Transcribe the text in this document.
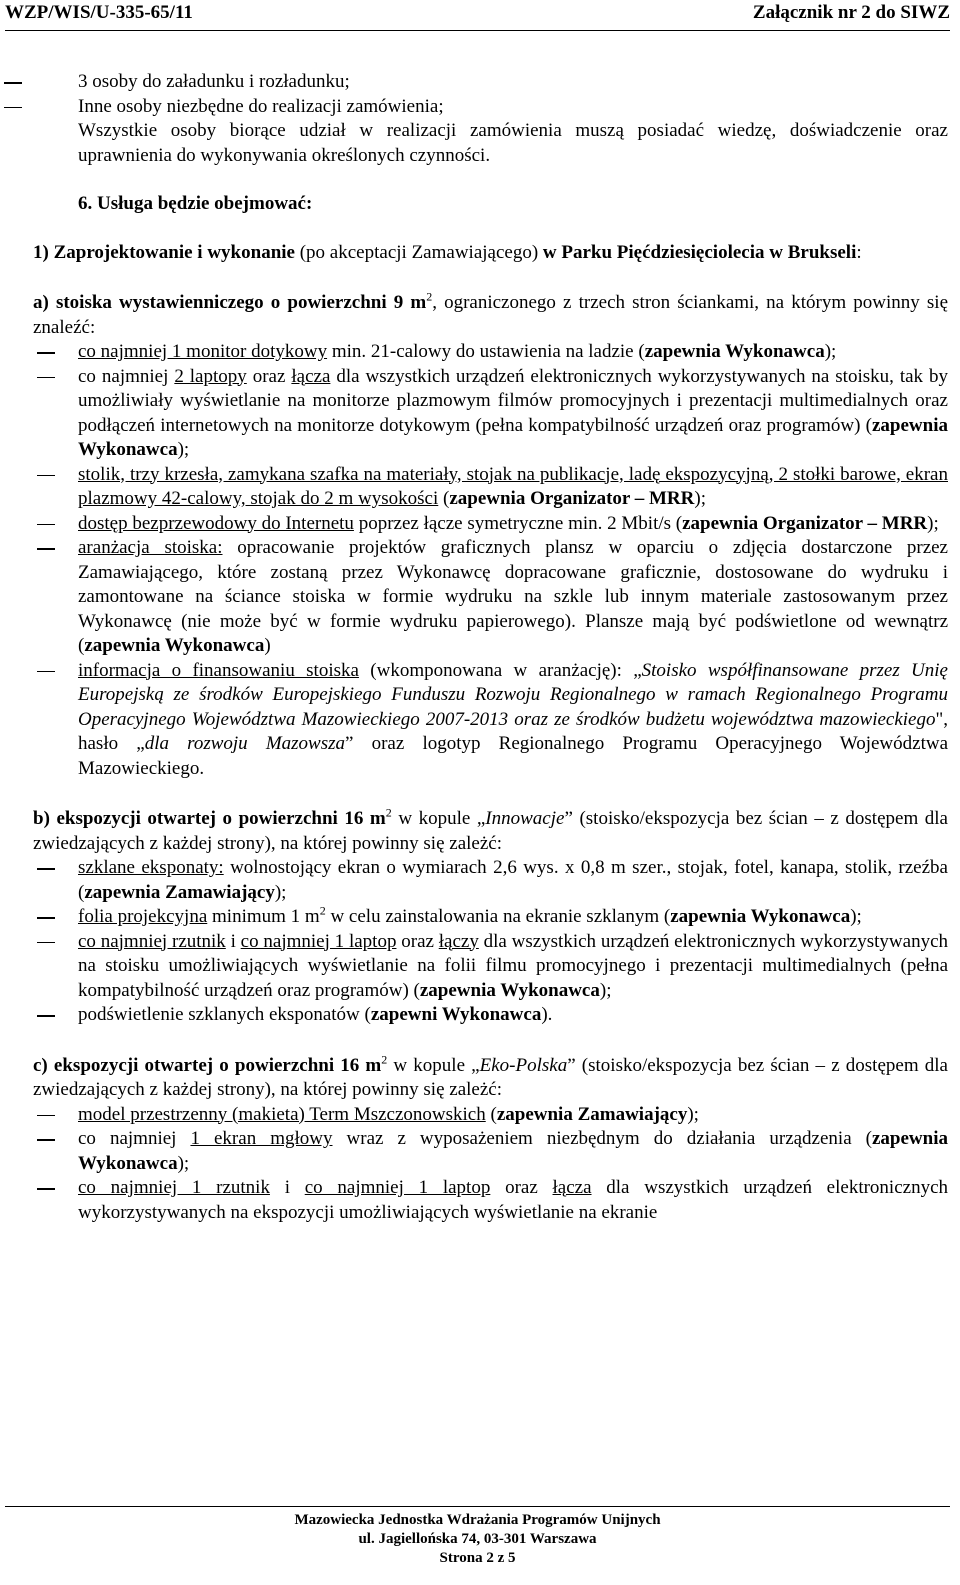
WZP/WIS/U-335-65/11	Załącznik nr 2 do SIWZ
3 osoby do załadunku i rozładunku;
Inne osoby niezbędne do realizacji zamówienia;

Wszystkie osoby biorące udział w realizacji zamówienia muszą posiadać wiedzę, doświadczenie oraz uprawnienia do wykonywania określonych czynności.

6. Usługa będzie obejmować:

1) Zaprojektowanie i wykonanie (po akceptacji Zamawiającego) w Parku Pięćdziesięciolecia w Brukseli:

a) stoiska wystawienniczego o powierzchni 9 $m^2$, ograniczonego z trzech stron ściankami, na którym powinny się znaleźć:

co najmniej 1 monitor dotykowy min. 21-calowy do ustawienia na ladzie (zapewnia Wykonawca);
co najmniej 2 laptopy oraz łącza dla wszystkich urządzeń elektronicznych wykorzystywanych na stoisku, tak by umożliwiały wyświetlanie na monitorze plazmowym filmów promocyjnych i prezentacji multimedialnych oraz podłączeń internetowych na monitorze dotykowym (pełna kompatybilność urządzeń oraz programów) (zapewnia Wykonawca);
stolik, trzy krzesła, zamykana szafka na materiały, stojak na publikacje, ladę ekspozycyjną, 2 stołki barowe, ekran plazmowy 42-calowy, stojak do 2 m wysokości (zapewnia Organizator – MRR);
dostęp bezprzewodowy do Internetu poprzez łącze symetryczne min. 2 Mbit/s (zapewnia Organizator – MRR);
aranżacja stoiska: opracowanie projektów graficznych plansz w oparciu o zdjęcia dostarczone przez Zamawiającego, które zostaną przez Wykonawcę dopracowane graficznie, dostosowane do wydruku i zamontowane na ściance stoiska w formie wydruku na szkle lub innym materiale zastosowanym przez Wykonawcę (nie może być w formie wydruku papierowego). Plansze mają być podświetlone od wewnątrz (zapewnia Wykonawca)
informacja o finansowaniu stoiska (wkomponowana w aranżację): „Stoisko współfinansowane przez Unię Europejską ze środków Europejskiego Funduszu Rozwoju Regionalnego w ramach Regionalnego Programu Operacyjnego Województwa Mazowieckiego 2007-2013 oraz ze środków budżetu województwa mazowieckiego", hasło „dla rozwoju Mazowsza” oraz logotyp Regionalnego Programu Operacyjnego Województwa Mazowieckiego.

b) ekspozycji otwartej o powierzchni 16 $m^2$ w kopule „Innowacje” (stoisko/ekspozycja bez ścian – z dostępem dla zwiedzających z każdej strony), na której powinny się zależć:

szklane eksponaty: wolnostojący ekran o wymiarach 2,6 wys. x 0,8 m szer., stojak, fotel, kanapa, stolik, rzeźba (zapewnia Zamawiający);
folia projekcyjna minimum 1 $m^2$ w celu zainstalowania na ekranie szklanym (zapewnia Wykonawca);
co najmniej rzutnik i co najmniej 1 laptop oraz łączy dla wszystkich urządzeń elektronicznych wykorzystywanych na stoisku umożliwiających wyświetlanie na folii filmu promocyjnego i prezentacji multimedialnych (pełna kompatybilność urządzeń oraz programów) (zapewnia Wykonawca);
podświetlenie szklanych eksponatów (zapewni Wykonawca).

c) ekspozycji otwartej o powierzchni 16 $m^2$ w kopule „Eko-Polska” (stoisko/ekspozycja bez ścian – z dostępem dla zwiedzających z każdej strony), na której powinny się zależć:

model przestrzenny (makieta) Term Mszczonowskich (zapewnia Zamawiający);
co najmniej 1 ekran mgłowy wraz z wyposażeniem niezbędnym do działania urządzenia (zapewnia Wykonawca);
co najmniej 1 rzutnik i co najmniej 1 laptop oraz łącza dla wszystkich urządzeń elektronicznych wykorzystywanych na ekspozycji umożliwiających wyświetlanie na ekranie
Mazowiecka Jednostka Wdrażania Programów Unijnych
ul. Jagiellońska 74, 03-301 Warszawa
Strona 2 z 5
